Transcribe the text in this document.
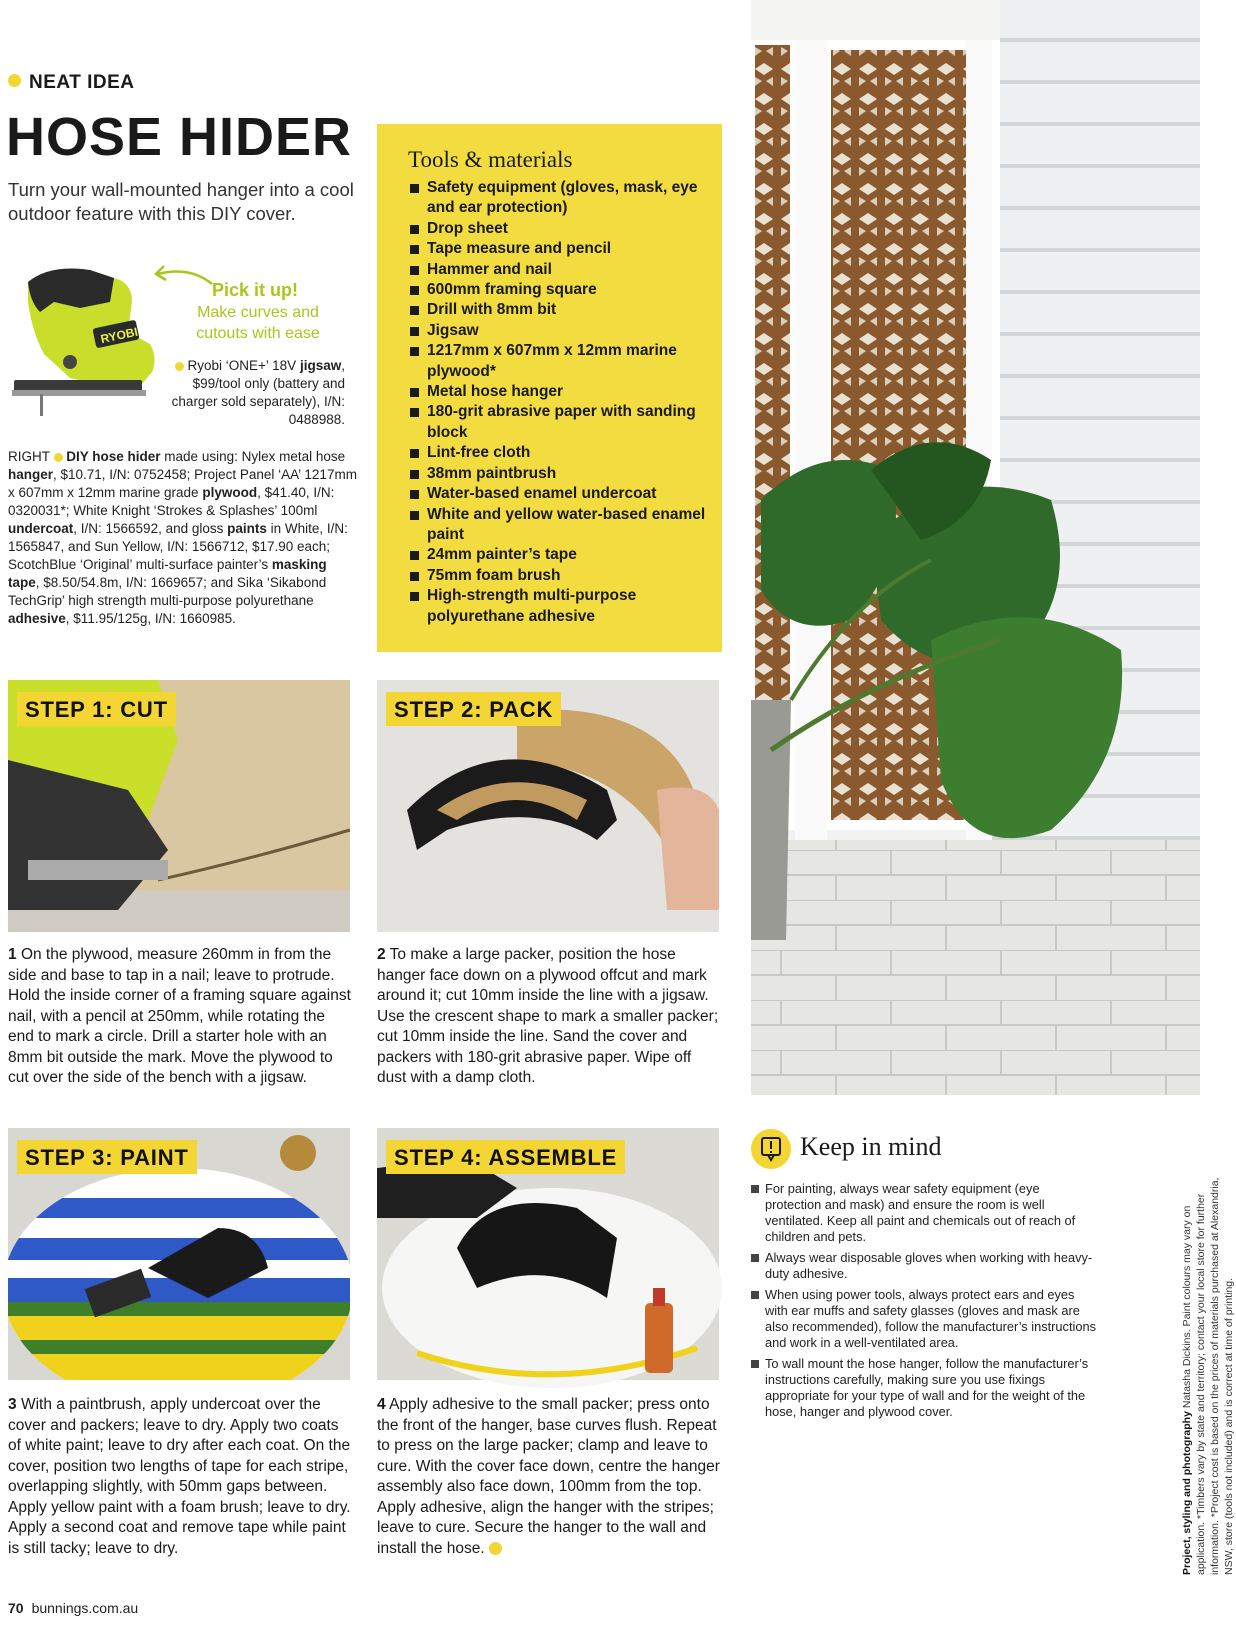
NEAT IDEA
HOSE HIDER
Turn your wall-mounted hanger into a cool outdoor feature with this DIY cover.
RYOBI
Pick it up!
Make curves and cutouts with ease
Ryobi ‘ONE+’ 18V jigsaw, $99/tool only (battery and charger sold separately), I/N: 0488988.
RIGHT  DIY hose hider made using: Nylex metal hose hanger, $10.71, I/N: 0752458; Project Panel ‘AA’ 1217mm x 607mm x 12mm marine grade plywood, $41.40, I/N: 0320031*; White Knight ‘Strokes & Splashes’ 100ml undercoat, I/N: 1566592, and gloss paints in White, I/N: 1565847, and Sun Yellow, I/N: 1566712, $17.90 each; ScotchBlue ‘Original’ multi-surface painter’s masking tape, $8.50/54.8m, I/N: 1669657; and Sika ‘Sikabond TechGrip’ high strength multi-purpose polyurethane adhesive, $11.95/125g, I/N: 1660985.
Tools & materials
Safety equipment (gloves, mask, eye and ear protection)
Drop sheet
Tape measure and pencil
Hammer and nail
600mm framing square
Drill with 8mm bit
Jigsaw
1217mm x 607mm x 12mm marine plywood*
Metal hose hanger
180-grit abrasive paper with sanding block
Lint-free cloth
38mm paintbrush
Water-based enamel undercoat
White and yellow water-based enamel paint
24mm painter’s tape
75mm foam brush
High-strength multi-purpose polyurethane adhesive
STEP 1: CUT	STEP 2: PACK
STEP 3: PAINT	STEP 4: ASSEMBLE
1 On the plywood, measure 260mm in from the side and base to tap in a nail; leave to protrude. Hold the inside corner of a framing square against nail, with a pencil at 250mm, while rotating the end to mark a circle. Drill a starter hole with an 8mm bit outside the mark. Move the plywood to cut over the side of the bench with a jigsaw.
2 To make a large packer, position the hose hanger face down on a plywood offcut and mark around it; cut 10mm inside the line with a jigsaw. Use the crescent shape to mark a smaller packer; cut 10mm inside the line. Sand the cover and packers with 180-grit abrasive paper. Wipe off dust with a damp cloth.
3 With a paintbrush, apply undercoat over the cover and packers; leave to dry. Apply two coats of white paint; leave to dry after each coat. On the cover, position two lengths of tape for each stripe, overlapping slightly, with 50mm gaps between. Apply yellow paint with a foam brush; leave to dry. Apply a second coat and remove tape while paint is still tacky; leave to dry.
4 Apply adhesive to the small packer; press onto the front of the hanger, base curves flush. Repeat to press on the large packer; clamp and leave to cure. With the cover face down, centre the hanger assembly also face down, 100mm from the top. Apply adhesive, align the hanger with the stripes; leave to cure. Secure the hanger to the wall and install the hose.
Keep in mind
For painting, always wear safety equipment (eye protection and mask) and ensure the room is well ventilated. Keep all paint and chemicals out of reach of children and pets.
Always wear disposable gloves when working with heavy-duty adhesive.
When using power tools, always protect ears and eyes with ear muffs and safety glasses (gloves and mask are also recommended), follow the manufacturer’s instructions and work in a well-ventilated area.
To wall mount the hose hanger, follow the manufacturer’s instructions carefully, making sure you use fixings appropriate for your type of wall and for the weight of the hose, hanger and plywood cover.	Project, styling and photography Natasha Dickins. Paint colours may vary on application. *Timbers vary by state and territory; contact your local store for further information. *Project cost is based on the prices of materials purchased at Alexandria, NSW, store (tools not included) and is correct at time of printing.
70 bunnings.com.au
